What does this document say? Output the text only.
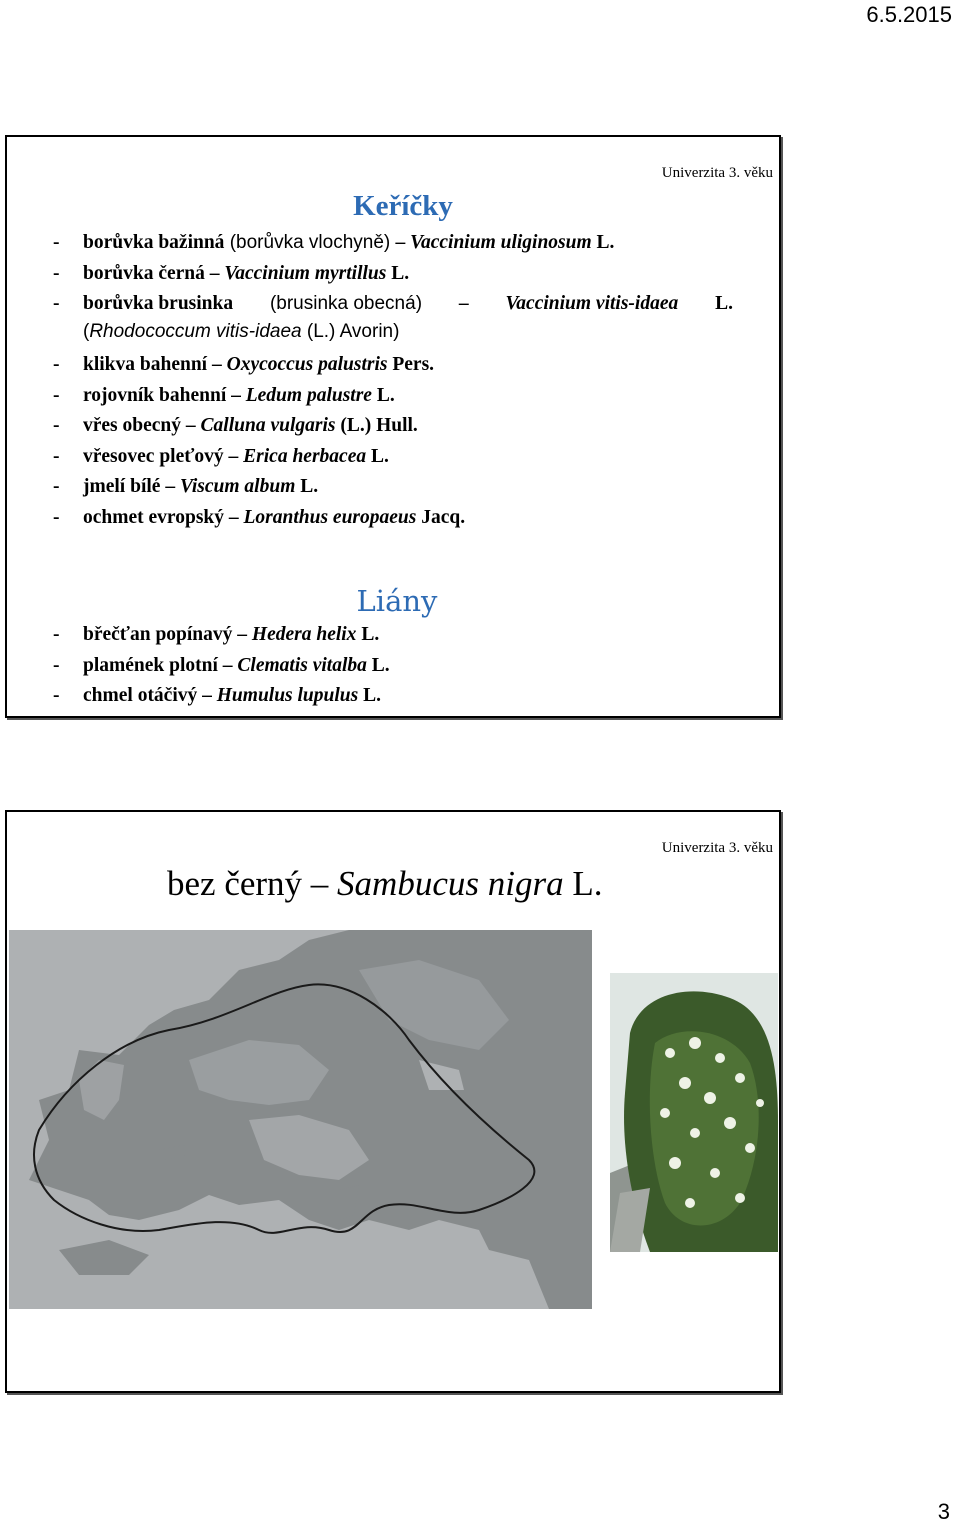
6.5.2015
Univerzita 3. věku
Keříčky
- borůvka bažinná (borůvka vlochyně) – Vaccinium uliginosum L.
- borůvka černá – Vaccinium myrtillus L.
- borůvka brusinka (brusinka obecná) – Vaccinium vitis-idaea L.
(Rhodococcum vitis-idaea (L.) Avorin)
- klikva bahenní – Oxycoccus palustris Pers.
- rojovník bahenní – Ledum palustre L.
- vřes obecný – Calluna vulgaris (L.) Hull.
- vřesovec pleťový – Erica herbacea L.
- jmelí bílé – Viscum album L.
- ochmet evropský – Loranthus europaeus Jacq.
Liány
- břečťan popínavý – Hedera helix L.
- plamének plotní – Clematis vitalba L.
- chmel otáčivý – Humulus lupulus L.
Univerzita 3. věku
bez černý – Sambucus nigra L.
3
